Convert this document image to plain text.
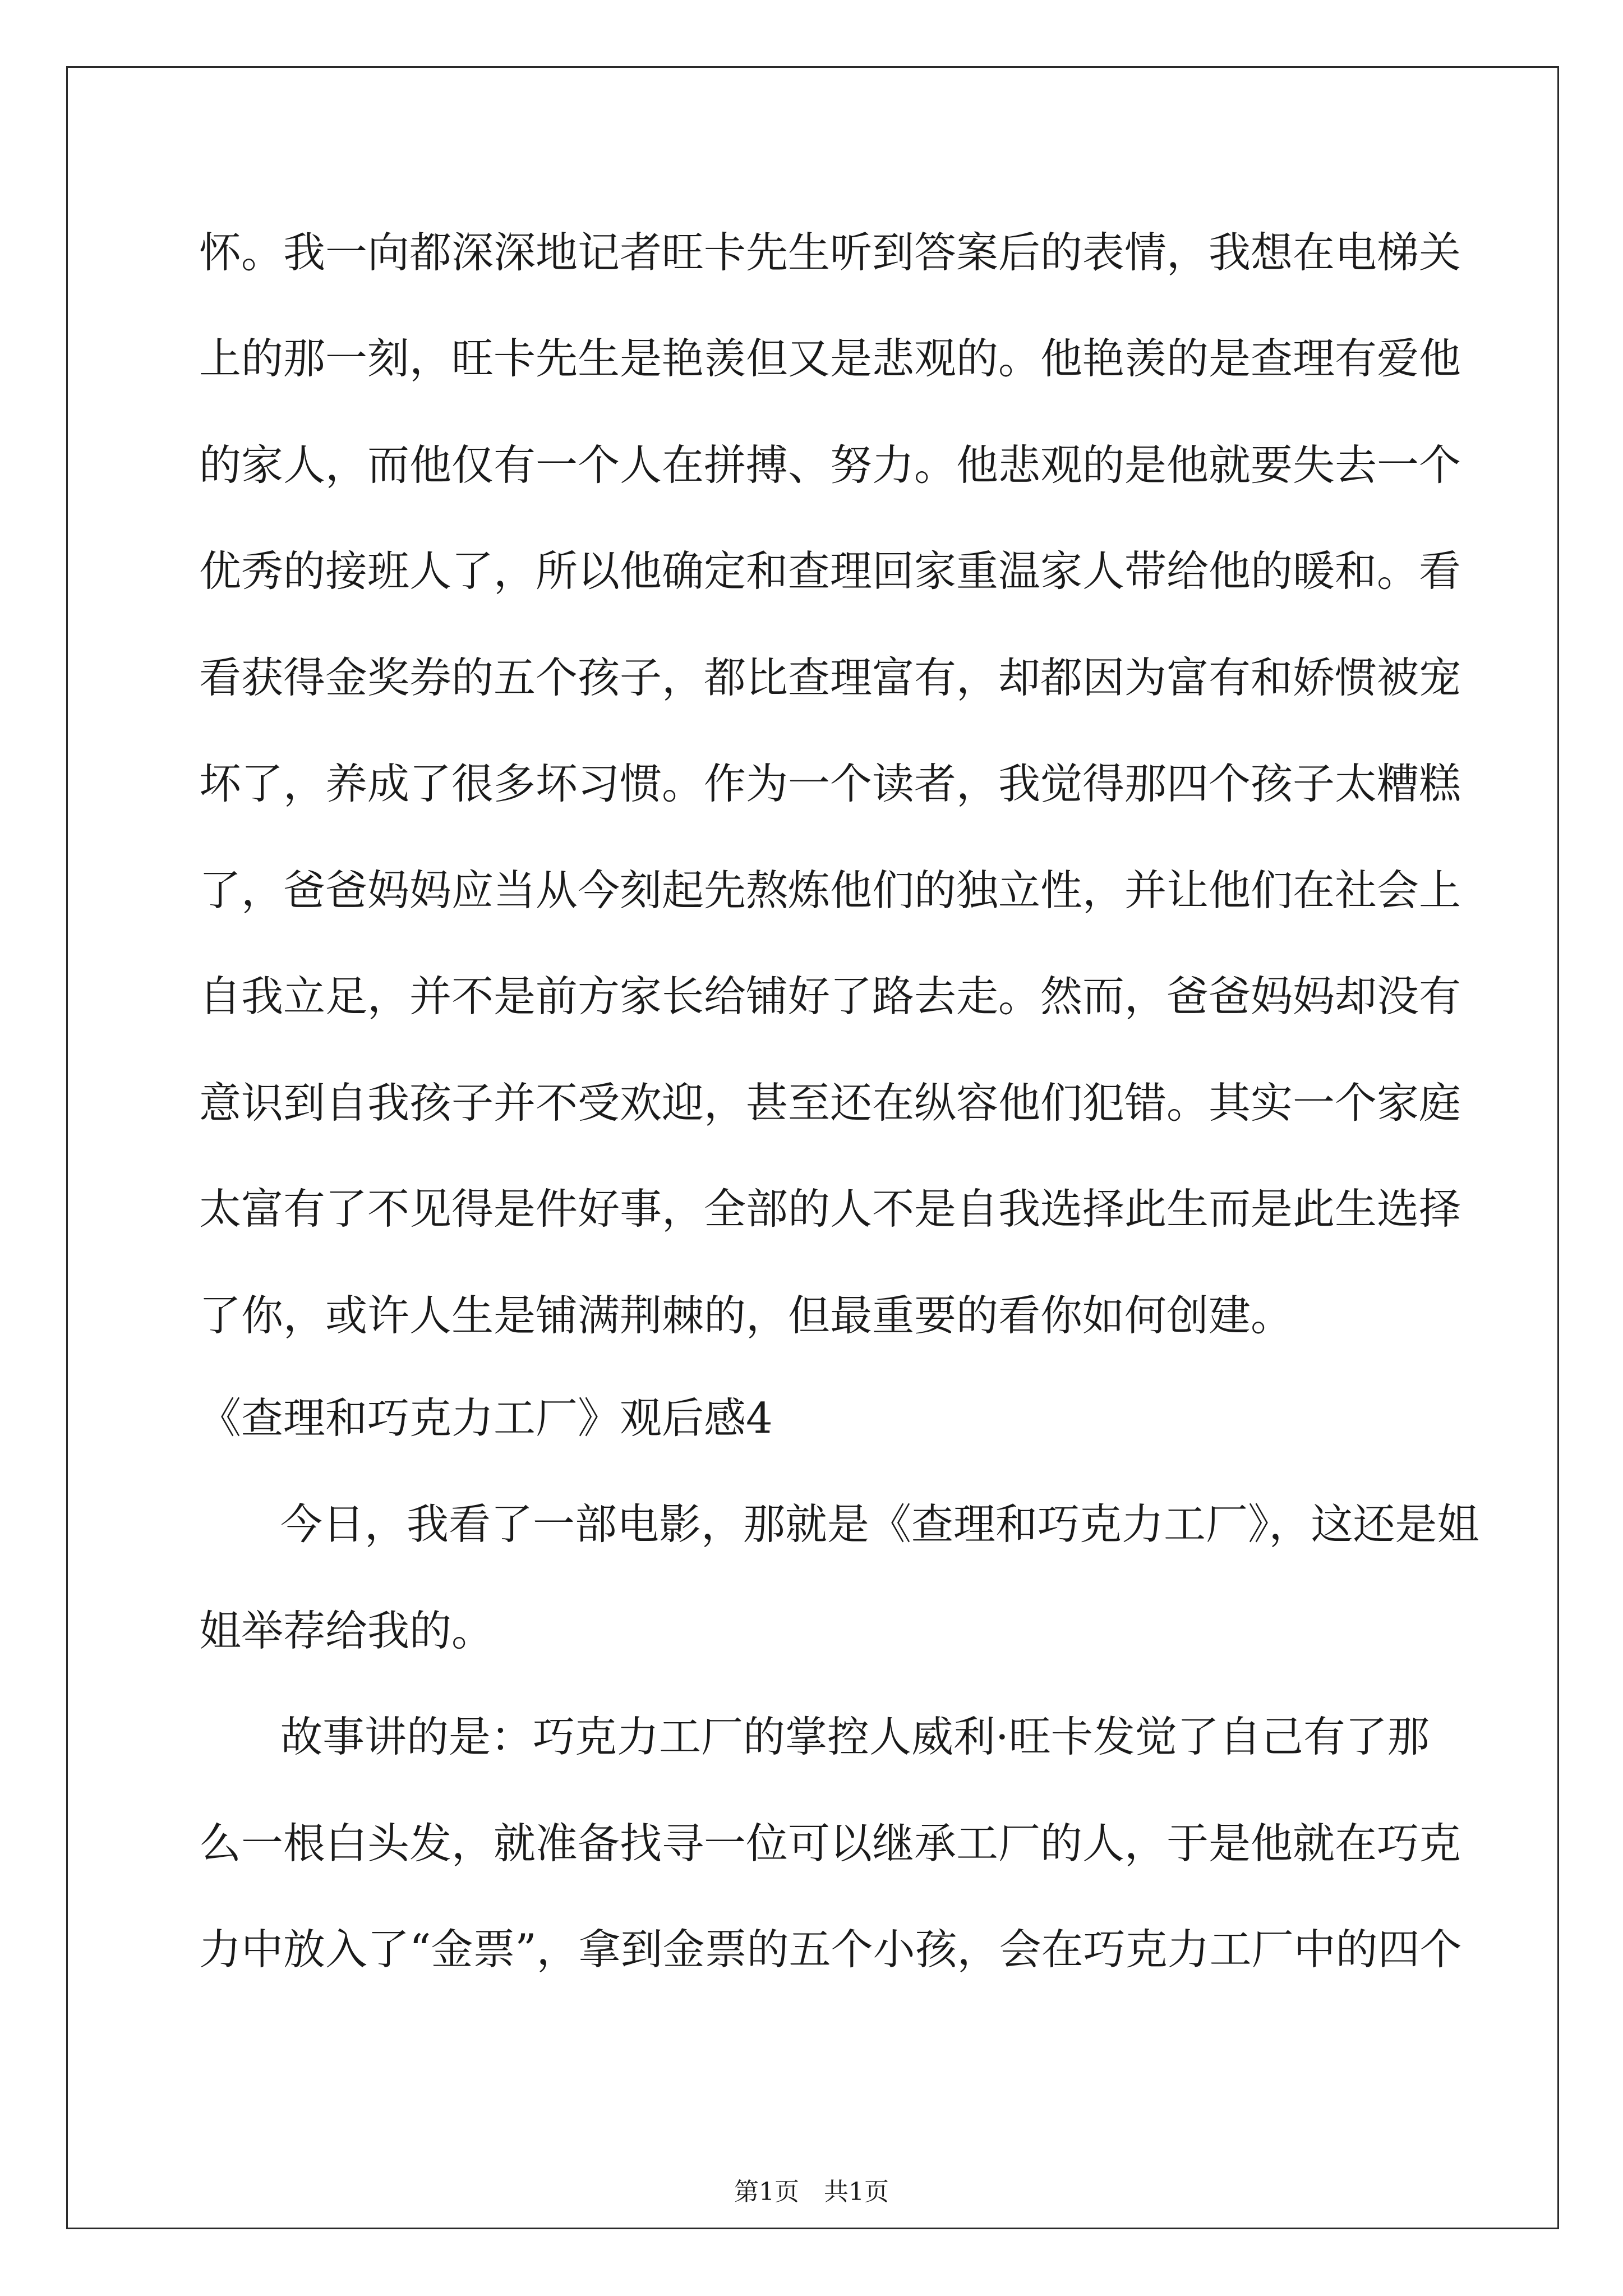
怀。我一向都深深地记者旺卡先生听到答案后的表情，我想在电梯关
上的那一刻，旺卡先生是艳羡但又是悲观的。他艳羡的是查理有爱他
的家人，而他仅有一个人在拼搏、努力。他悲观的是他就要失去一个
优秀的接班人了，所以他确定和查理回家重温家人带给他的暖和。看
看获得金奖券的五个孩子，都比查理富有，却都因为富有和娇惯被宠
坏了，养成了很多坏习惯。作为一个读者，我觉得那四个孩子太糟糕
了，爸爸妈妈应当从今刻起先熬炼他们的独立性，并让他们在社会上
自我立足，并不是前方家长给铺好了路去走。然而，爸爸妈妈却没有
意识到自我孩子并不受欢迎，甚至还在纵容他们犯错。其实一个家庭
太富有了不见得是件好事，全部的人不是自我选择此生而是此生选择
了你，或许人生是铺满荆棘的，但最重要的看你如何创建。
《查理和巧克力工厂》观后感4
今日，我看了一部电影，那就是《查理和巧克力工厂》，这还是姐
姐举荐给我的。
故事讲的是：巧克力工厂的掌控人威利·旺卡发觉了自己有了那
么一根白头发，就准备找寻一位可以继承工厂的人，于是他就在巧克
力中放入了“金票”，拿到金票的五个小孩，会在巧克力工厂中的四个
第1页　共1页
